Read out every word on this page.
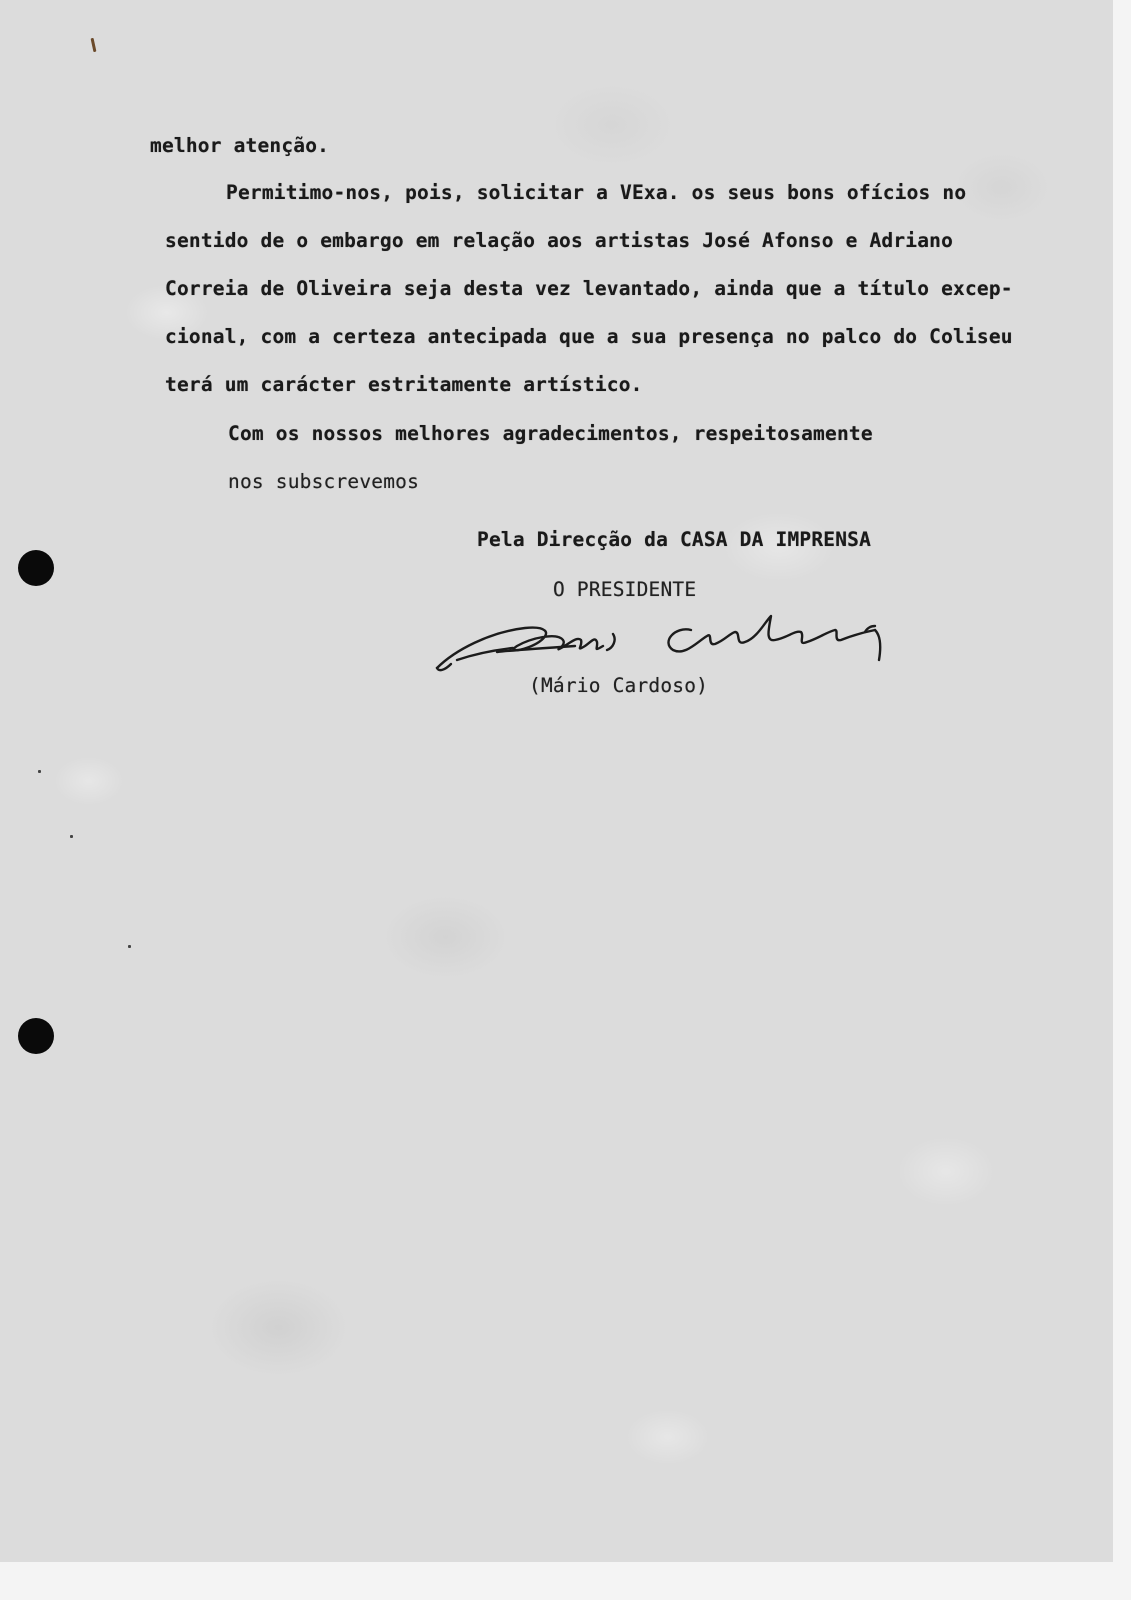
melhor atenção.
Permitimo-nos, pois, solicitar a VExa. os seus bons ofícios no
sentido de o embargo em relação aos artistas José Afonso e Adriano
Correia de Oliveira seja desta vez levantado, ainda que a título excep-
cional, com a certeza antecipada que a sua presença no palco do Coliseu
terá um carácter estritamente artístico.
Com os nossos melhores agradecimentos, respeitosamente
nos subscrevemos
Pela Direcção da CASA DA IMPRENSA
O PRESIDENTE
Mário Cardoso
(Mário Cardoso)
